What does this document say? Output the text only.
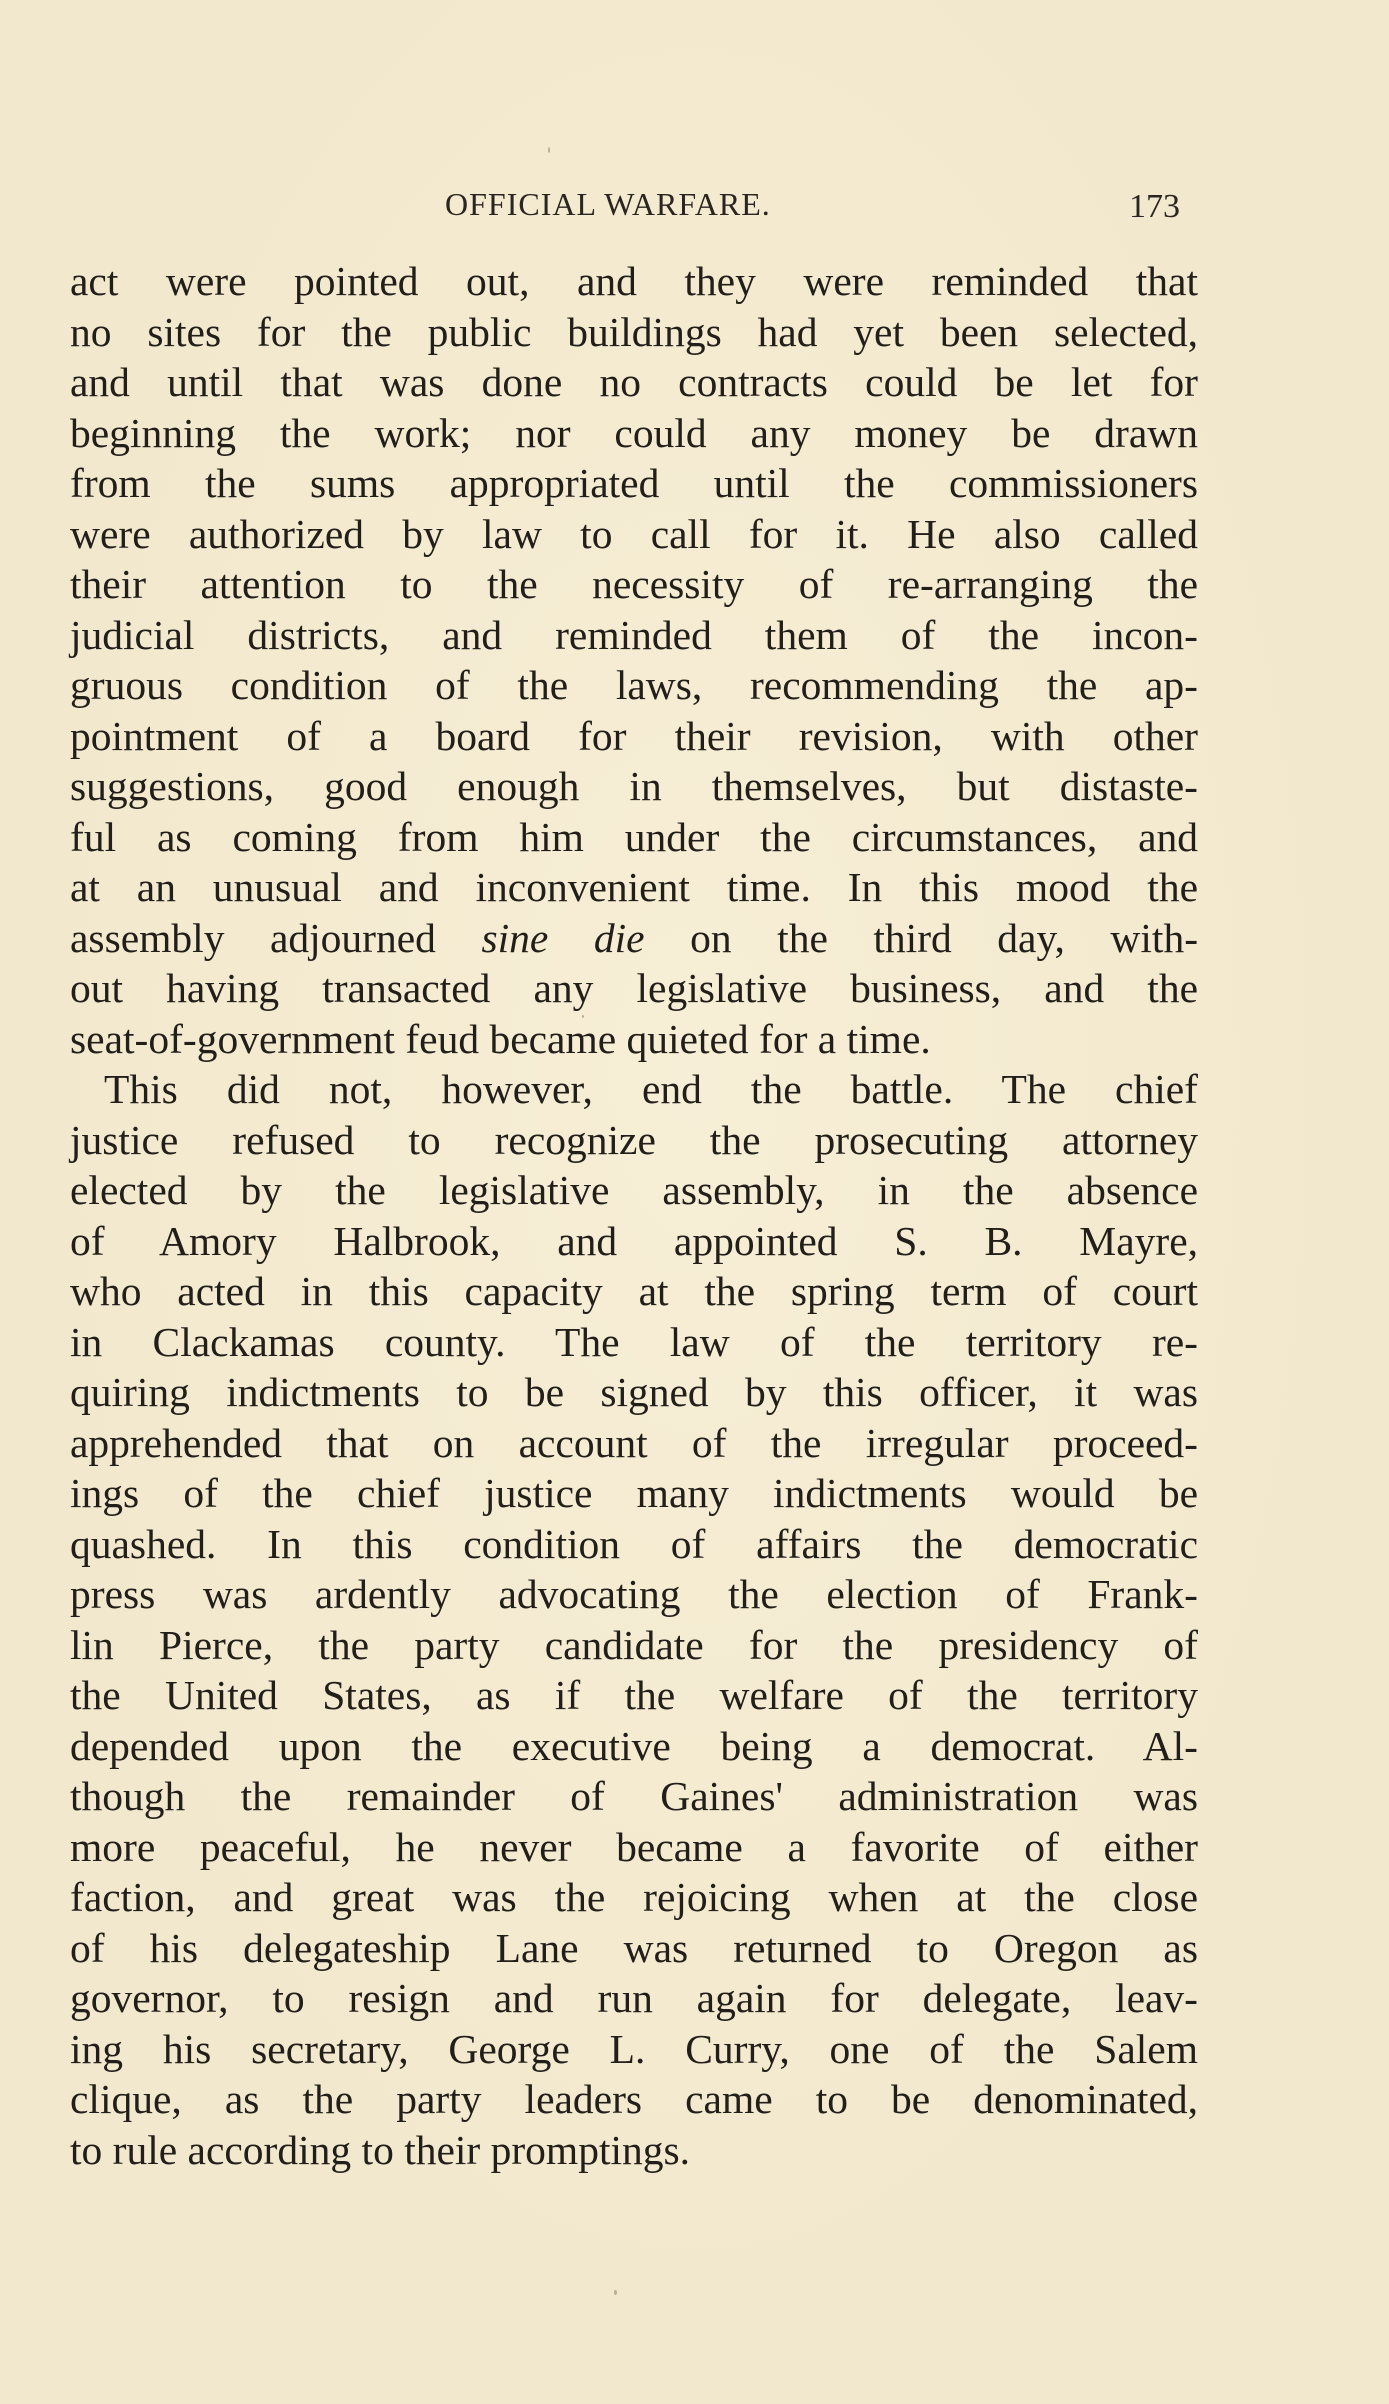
OFFICIAL WARFARE.	173
act were pointed out, and they were reminded that
no sites for the public buildings had yet been selected,
and until that was done no contracts could be let for
beginning the work; nor could any money be drawn
from the sums appropriated until the commissioners
were authorized by law to call for it. He also called
their attention to the necessity of re-arranging the
judicial districts, and reminded them of the incon-
gruous condition of the laws, recommending the ap-
pointment of a board for their revision, with other
suggestions, good enough in themselves, but distaste-
ful as coming from him under the circumstances, and
at an unusual and inconvenient time. In this mood the
assembly adjourned sine die on the third day, with-
out having transacted any legislative business, and the
seat-of-government feud became quieted for a time.
This did not, however, end the battle. The chief
justice refused to recognize the prosecuting attorney
elected by the legislative assembly, in the absence
of Amory Halbrook, and appointed S. B. Mayre,
who acted in this capacity at the spring term of court
in Clackamas county. The law of the territory re-
quiring indictments to be signed by this officer, it was
apprehended that on account of the irregular proceed-
ings of the chief justice many indictments would be
quashed. In this condition of affairs the democratic
press was ardently advocating the election of Frank-
lin Pierce, the party candidate for the presidency of
the United States, as if the welfare of the territory
depended upon the executive being a democrat. Al-
though the remainder of Gaines' administration was
more peaceful, he never became a favorite of either
faction, and great was the rejoicing when at the close
of his delegateship Lane was returned to Oregon as
governor, to resign and run again for delegate, leav-
ing his secretary, George L. Curry, one of the Salem
clique, as the party leaders came to be denominated,
to rule according to their promptings.
